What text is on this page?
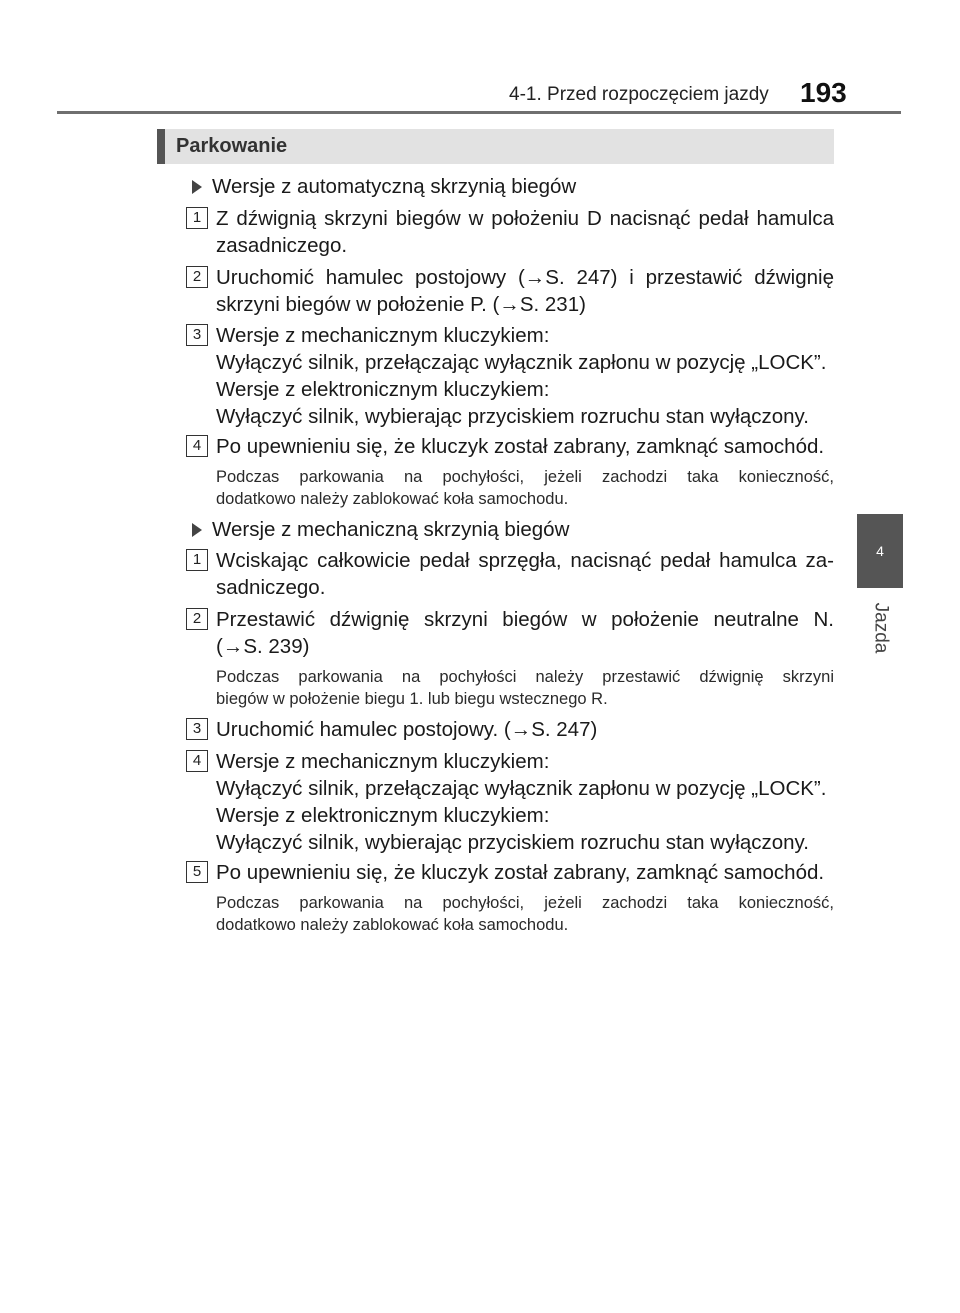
4-1. Przed rozpoczęciem jazdy 193
4
Jazda
Parkowanie
Wersje z automatyczną skrzynią biegów
1 Z dźwignią skrzyni biegów w położeniu D nacisnąć pedał hamulca
zasadniczego.
2 Uruchomić hamulec postojowy (→S. 247) i przestawić dźwignię
skrzyni biegów w położenie P. (→S. 231)
3 Wersje z mechanicznym kluczykiem:
Wyłączyć silnik, przełączając wyłącznik zapłonu w pozycję „LOCK”.
Wersje z elektronicznym kluczykiem:
Wyłączyć silnik, wybierając przyciskiem rozruchu stan wyłączony.
4 Po upewnieniu się, że kluczyk został zabrany, zamknąć samochód.
Podczas parkowania na pochyłości, jeżeli zachodzi taka konieczność,
dodatkowo należy zablokować koła samochodu.
Wersje z mechaniczną skrzynią biegów
1 Wciskając całkowicie pedał sprzęgła, nacisnąć pedał hamulca za-
sadniczego.
2 Przestawić dźwignię skrzyni biegów w położenie neutralne N.
(→S. 239)
Podczas parkowania na pochyłości należy przestawić dźwignię skrzyni
biegów w położenie biegu 1. lub biegu wstecznego R.
3 Uruchomić hamulec postojowy. (→S. 247)
4 Wersje z mechanicznym kluczykiem:
Wyłączyć silnik, przełączając wyłącznik zapłonu w pozycję „LOCK”.
Wersje z elektronicznym kluczykiem:
Wyłączyć silnik, wybierając przyciskiem rozruchu stan wyłączony.
5 Po upewnieniu się, że kluczyk został zabrany, zamknąć samochód.
Podczas parkowania na pochyłości, jeżeli zachodzi taka konieczność,
dodatkowo należy zablokować koła samochodu.
